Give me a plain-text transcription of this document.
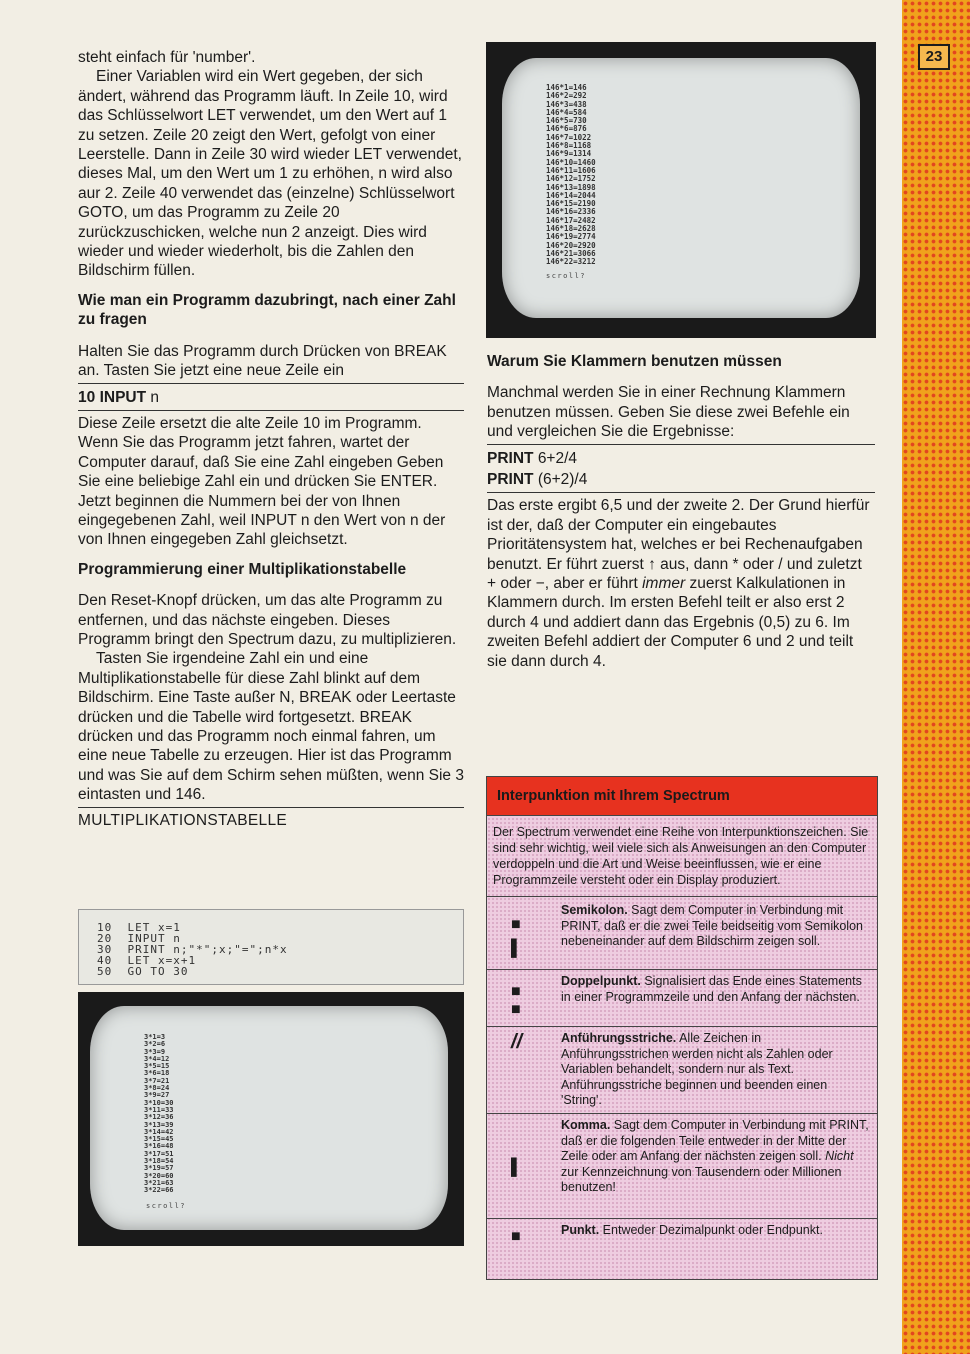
23

steht einfach für 'number'.

Einer Variablen wird ein Wert gegeben, der sich ändert, während das Programm läuft. In Zeile 10, wird das Schlüsselwort LET verwendet, um den Wert auf 1 zu setzen. Zeile 20 zeigt den Wert, gefolgt von einer Leerstelle. Dann in Zeile 30 wird wieder LET verwendet, dieses Mal, um den Wert um 1 zu erhöhen, n wird also aur 2. Zeile 40 verwendet das (einzelne) Schlüsselwort GOTO, um das Programm zu Zeile 20 zurückzuschicken, welche nun 2 anzeigt. Dies wird wieder und wieder wiederholt, bis die Zahlen den Bildschirm füllen.

Wie man ein Programm dazubringt, nach einer Zahl zu fragen

Halten Sie das Programm durch Drücken von BREAK an. Tasten Sie jetzt eine neue Zeile ein

10 INPUT n

Diese Zeile ersetzt die alte Zeile 10 im Programm. Wenn Sie das Programm jetzt fahren, wartet der Computer darauf, daß Sie eine Zahl eingeben Geben Sie eine beliebige Zahl ein und drücken Sie ENTER. Jetzt beginnen die Nummern bei der von Ihnen eingegebenen Zahl, weil INPUT n den Wert von n der von Ihnen eingegeben Zahl gleichsetzt.

Programmierung einer Multiplikationstabelle

Den Reset-Knopf drücken, um das alte Programm zu entfernen, und das nächste eingeben. Dieses Programm bringt den Spectrum dazu, zu multiplizieren.

Tasten Sie irgendeine Zahl ein und eine Multiplikationstabelle für diese Zahl blinkt auf dem Bildschirm. Eine Taste außer N, BREAK oder Leertaste drücken und die Tabelle wird fortgesetzt. BREAK drücken und das Programm noch einmal fahren, um eine neue Tabelle zu erzeugen. Hier ist das Programm und was Sie auf dem Schirm sehen müßten, wenn Sie 3 eintasten und 146.

MULTIPLIKATIONSTABELLE
10  LET x=1
20  INPUT n
30  PRINT n;"*";x;"=";n*x
40  LET x=x+1
50  GO TO 30
3*1=3
3*2=6
3*3=9
3*4=12
3*5=15
3*6=18
3*7=21
3*8=24
3*9=27
3*10=30
3*11=33
3*12=36
3*13=39
3*14=42
3*15=45
3*16=48
3*17=51
3*18=54
3*19=57
3*20=60
3*21=63
3*22=66
scroll?
146*1=146
146*2=292
146*3=438
146*4=584
146*5=730
146*6=876
146*7=1022
146*8=1168
146*9=1314
146*10=1460
146*11=1606
146*12=1752
146*13=1898
146*14=2044
146*15=2190
146*16=2336
146*17=2482
146*18=2628
146*19=2774
146*20=2920
146*21=3066
146*22=3212
scroll?

Warum Sie Klammern benutzen müssen

Manchmal werden Sie in einer Rechnung Klammern benutzen müssen. Geben Sie diese zwei Befehle ein und vergleichen Sie die Ergebnisse:

PRINT 6+2/4
PRINT (6+2)/4

Das erste ergibt 6,5 und der zweite 2. Der Grund hierfür ist der, daß der Computer ein eingebautes Prioritätensystem hat, welches er bei Rechenaufgaben benutzt. Er führt zuerst ↑ aus, dann * oder / und zuletzt + oder −, aber er führt immer zuerst Kalkulationen in Klammern durch. Im ersten Befehl teilt er also erst 2 durch 4 und addiert dann das Ergebnis (0,5) zu 6. Im zweiten Befehl addiert der Computer 6 und 2 und teilt sie dann durch 4.

Interpunktion mit Ihrem Spectrum
Der Spectrum verwendet eine Reihe von Interpunktionszeichen. Sie sind sehr wichtig, weil viele sich als Anweisungen an den Computer verdoppeln und die Art und Weise beeinflussen, wie er eine Programmzeile versteht oder ein Display produziert.
■
▌
Semikolon. Sagt dem Computer in Verbindung mit PRINT, daß er die zwei Teile beidseitig vom Semikolon nebeneinander auf dem Bildschirm zeigen soll.
■
■
Doppelpunkt. Signalisiert das Ende eines Statements in einer Programmzeile und den Anfang der nächsten.
//	Anführungsstriche. Alle Zeichen in Anführungsstrichen werden nicht als Zahlen oder Variablen behandelt, sondern nur als Text. Anführungsstriche beginnen und beenden einen 'String'.
▌
Komma. Sagt dem Computer in Verbindung mit PRINT, daß er die folgenden Teile entweder in der Mitte der Zeile oder am Anfang der nächsten zeigen soll. Nicht zur Kennzeichnung von Tausendern oder Millionen benutzen!
■	Punkt. Entweder Dezimalpunkt oder Endpunkt.
